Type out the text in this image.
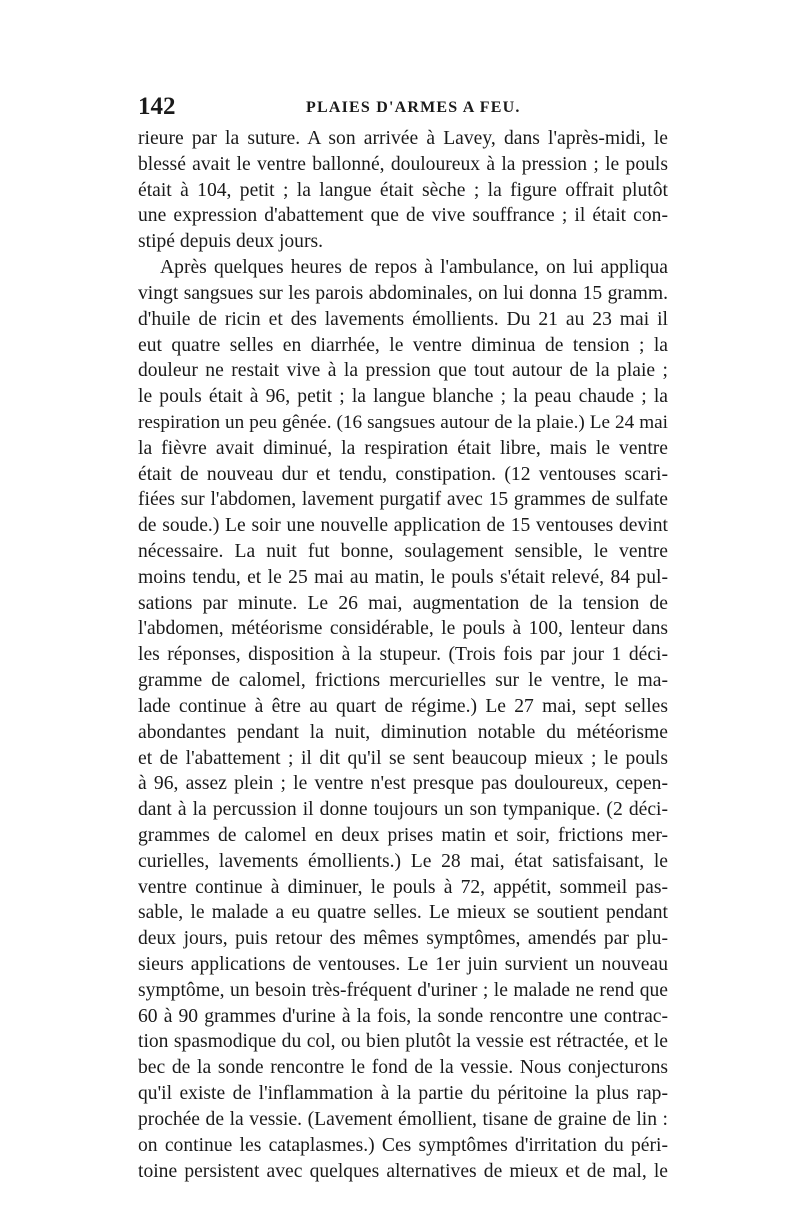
142	PLAIES D'ARMES A FEU.
rieure par la suture. A son arrivée à Lavey, dans l'après-midi, le
blessé avait le ventre ballonné, douloureux à la pression ; le pouls
était à 104, petit ; la langue était sèche ; la figure offrait plutôt
une expression d'abattement que de vive souffrance ; il était con-
stipé depuis deux jours.
Après quelques heures de repos à l'ambulance, on lui appliqua
vingt sangsues sur les parois abdominales, on lui donna 15 gramm.
d'huile de ricin et des lavements émollients. Du 21 au 23 mai il
eut quatre selles en diarrhée, le ventre diminua de tension ; la
douleur ne restait vive à la pression que tout autour de la plaie ;
le pouls était à 96, petit ; la langue blanche ; la peau chaude ; la
respiration un peu gênée. (16 sangsues autour de la plaie.) Le 24 mai
la fièvre avait diminué, la respiration était libre, mais le ventre
était de nouveau dur et tendu, constipation. (12 ventouses scari-
fiées sur l'abdomen, lavement purgatif avec 15 grammes de sulfate
de soude.) Le soir une nouvelle application de 15 ventouses devint
nécessaire. La nuit fut bonne, soulagement sensible, le ventre
moins tendu, et le 25 mai au matin, le pouls s'était relevé, 84 pul-
sations par minute. Le 26 mai, augmentation de la tension de
l'abdomen, météorisme considérable, le pouls à 100, lenteur dans
les réponses, disposition à la stupeur. (Trois fois par jour 1 déci-
gramme de calomel, frictions mercurielles sur le ventre, le ma-
lade continue à être au quart de régime.) Le 27 mai, sept selles
abondantes pendant la nuit, diminution notable du météorisme
et de l'abattement ; il dit qu'il se sent beaucoup mieux ; le pouls
à 96, assez plein ; le ventre n'est presque pas douloureux, cepen-
dant à la percussion il donne toujours un son tympanique. (2 déci-
grammes de calomel en deux prises matin et soir, frictions mer-
curielles, lavements émollients.) Le 28 mai, état satisfaisant, le
ventre continue à diminuer, le pouls à 72, appétit, sommeil pas-
sable, le malade a eu quatre selles. Le mieux se soutient pendant
deux jours, puis retour des mêmes symptômes, amendés par plu-
sieurs applications de ventouses. Le 1er juin survient un nouveau
symptôme, un besoin très-fréquent d'uriner ; le malade ne rend que
60 à 90 grammes d'urine à la fois, la sonde rencontre une contrac-
tion spasmodique du col, ou bien plutôt la vessie est rétractée, et le
bec de la sonde rencontre le fond de la vessie. Nous conjecturons
qu'il existe de l'inflammation à la partie du péritoine la plus rap-
prochée de la vessie. (Lavement émollient, tisane de graine de lin :
on continue les cataplasmes.) Ces symptômes d'irritation du péri-
toine persistent avec quelques alternatives de mieux et de mal, le
